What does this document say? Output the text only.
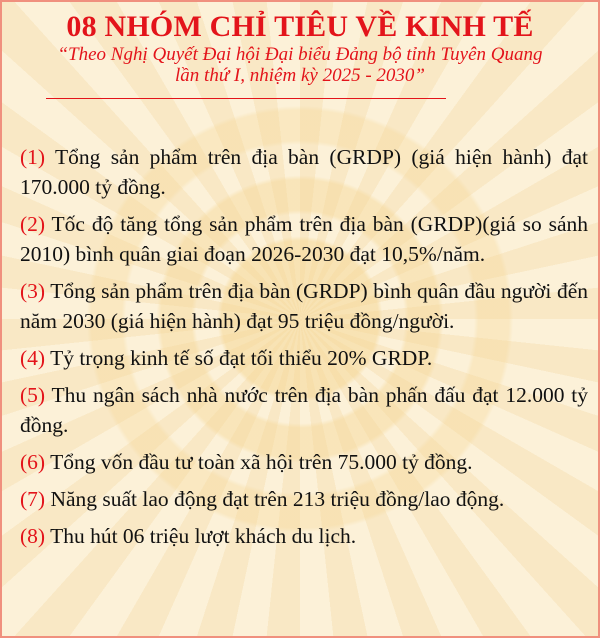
08 NHÓM CHỈ TIÊU VỀ KINH TẾ
“Theo Nghị Quyết Đại hội Đại biểu Đảng bộ tỉnh Tuyên Quang
lần thứ I, nhiệm kỳ 2025 - 2030”

(1) Tổng sản phẩm trên địa bàn (GRDP) (giá hiện hành) đạt 170.000 tỷ đồng.

(2) Tốc độ tăng tổng sản phẩm trên địa bàn (GRDP)(giá so sánh 2010) bình quân giai đoạn 2026-2030 đạt 10,5%/năm.

(3) Tổng sản phẩm trên địa bàn (GRDP) bình quân đầu người đến năm 2030 (giá hiện hành) đạt 95 triệu đồng/người.

(4) Tỷ trọng kinh tế số đạt tối thiểu 20% GRDP.

(5) Thu ngân sách nhà nước trên địa bàn phấn đấu đạt 12.000 tỷ đồng.

(6) Tổng vốn đầu tư toàn xã hội trên 75.000 tỷ đồng.

(7) Năng suất lao động đạt trên 213 triệu đồng/lao động.

(8) Thu hút 06 triệu lượt khách du lịch.
